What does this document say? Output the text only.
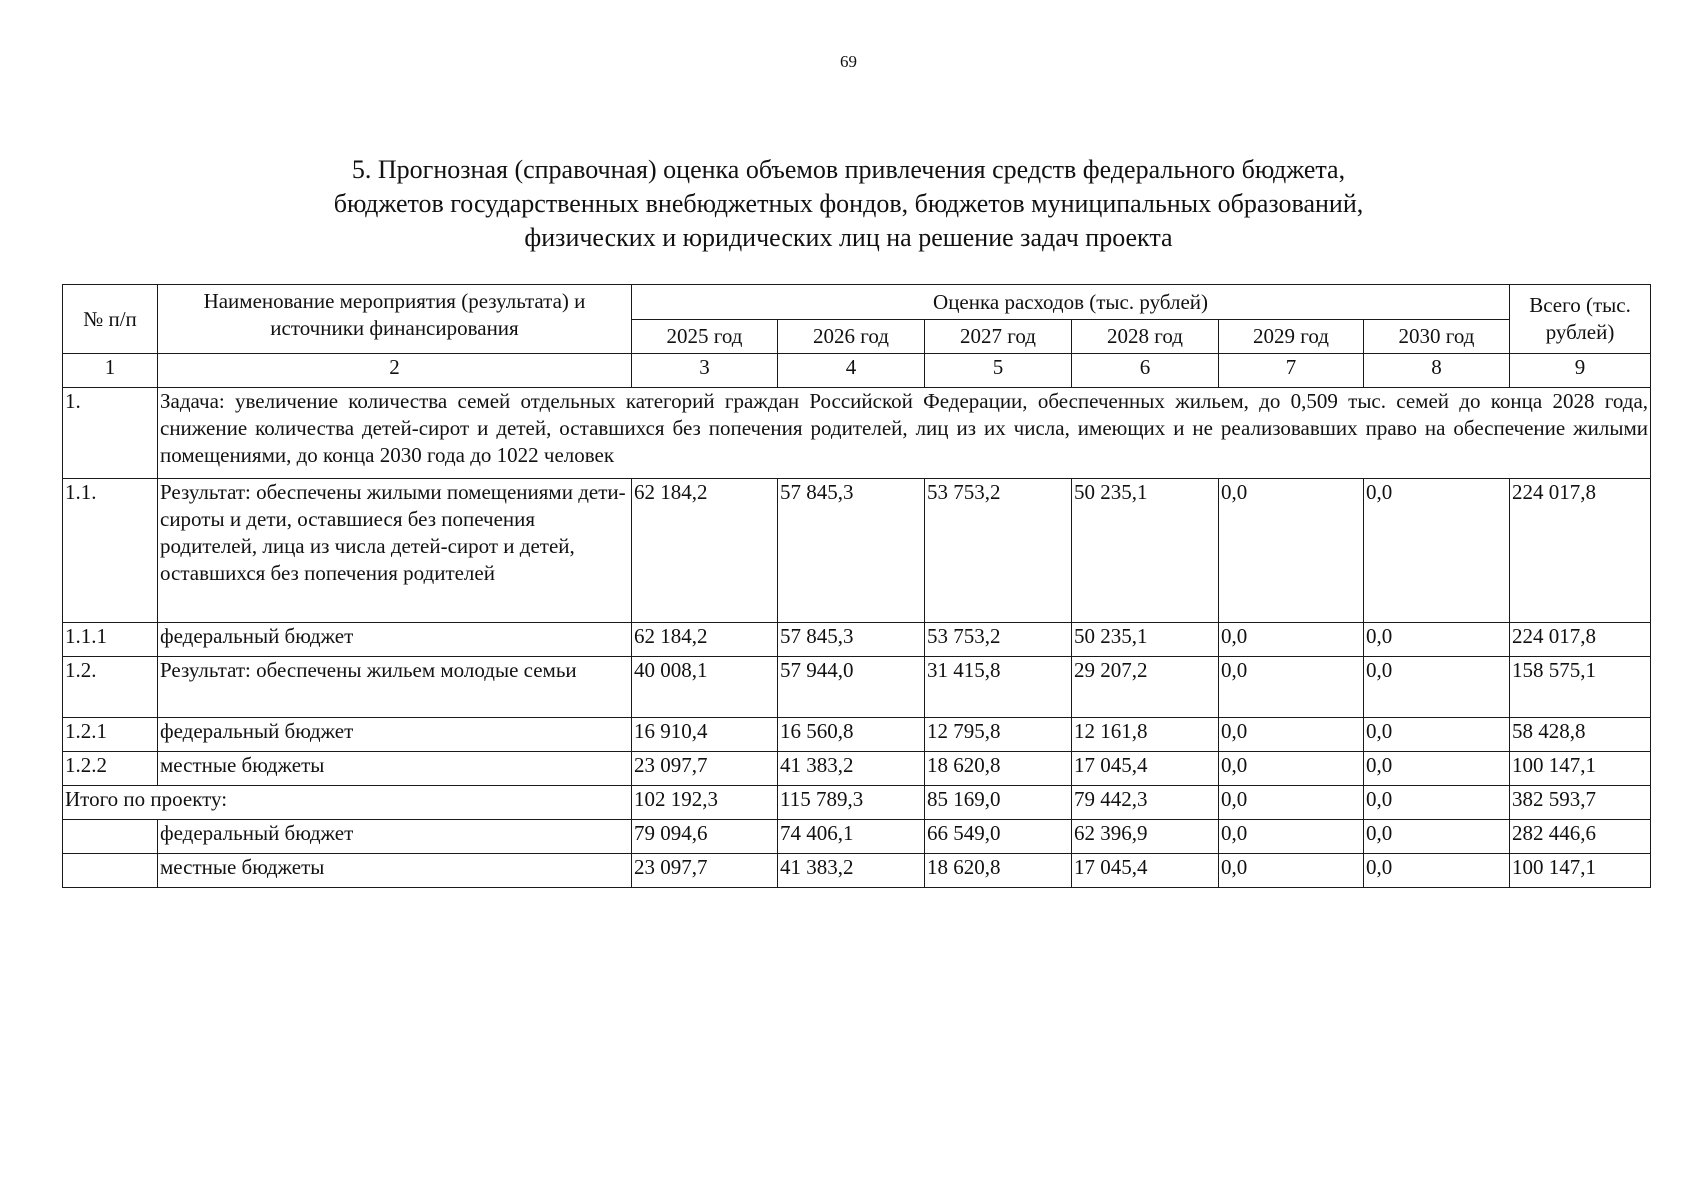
69
5. Прогнозная (справочная) оценка объемов привлечения средств федерального бюджета,
бюджетов государственных внебюджетных фондов, бюджетов муниципальных образований,
физических и юридических лиц на решение задач проекта
№ п/п	Наименование мероприятия (результата) и источники финансирования	Оценка расходов (тыс. рублей)						Всего (тыс. рублей)
		2025 год	2026 год	2027 год	2028 год	2029 год	2030 год	
1	2	3	4	5	6	7	8	9
1.	Задача: увеличение количества семей отдельных категорий граждан Российской Федерации, обеспеченных жильем, до 0,509 тыс. семей до конца 2028 года, снижение количества детей-сирот и детей, оставшихся без попечения родителей, лиц из их числа, имеющих и не реализовавших право на обеспечение жилыми помещениями, до конца 2030 года до 1022 человек							
1.1.	Результат: обеспечены жилыми помещениями дети-сироты и дети, оставшиеся без попечения родителей, лица из числа детей-сирот и детей, оставшихся без попечения родителей	62 184,2	57 845,3	53 753,2	50 235,1	0,0	0,0	224 017,8
1.1.1	федеральный бюджет	62 184,2	57 845,3	53 753,2	50 235,1	0,0	0,0	224 017,8
1.2.	Результат: обеспечены жильем молодые семьи	40 008,1	57 944,0	31 415,8	29 207,2	0,0	0,0	158 575,1
1.2.1	федеральный бюджет	16 910,4	16 560,8	12 795,8	12 161,8	0,0	0,0	58 428,8
1.2.2	местные бюджеты	23 097,7	41 383,2	18 620,8	17 045,4	0,0	0,0	100 147,1
Итого по проекту:		102 192,3	115 789,3	85 169,0	79 442,3	0,0	0,0	382 593,7
	федеральный бюджет	79 094,6	74 406,1	66 549,0	62 396,9	0,0	0,0	282 446,6
	местные бюджеты	23 097,7	41 383,2	18 620,8	17 045,4	0,0	0,0	100 147,1
